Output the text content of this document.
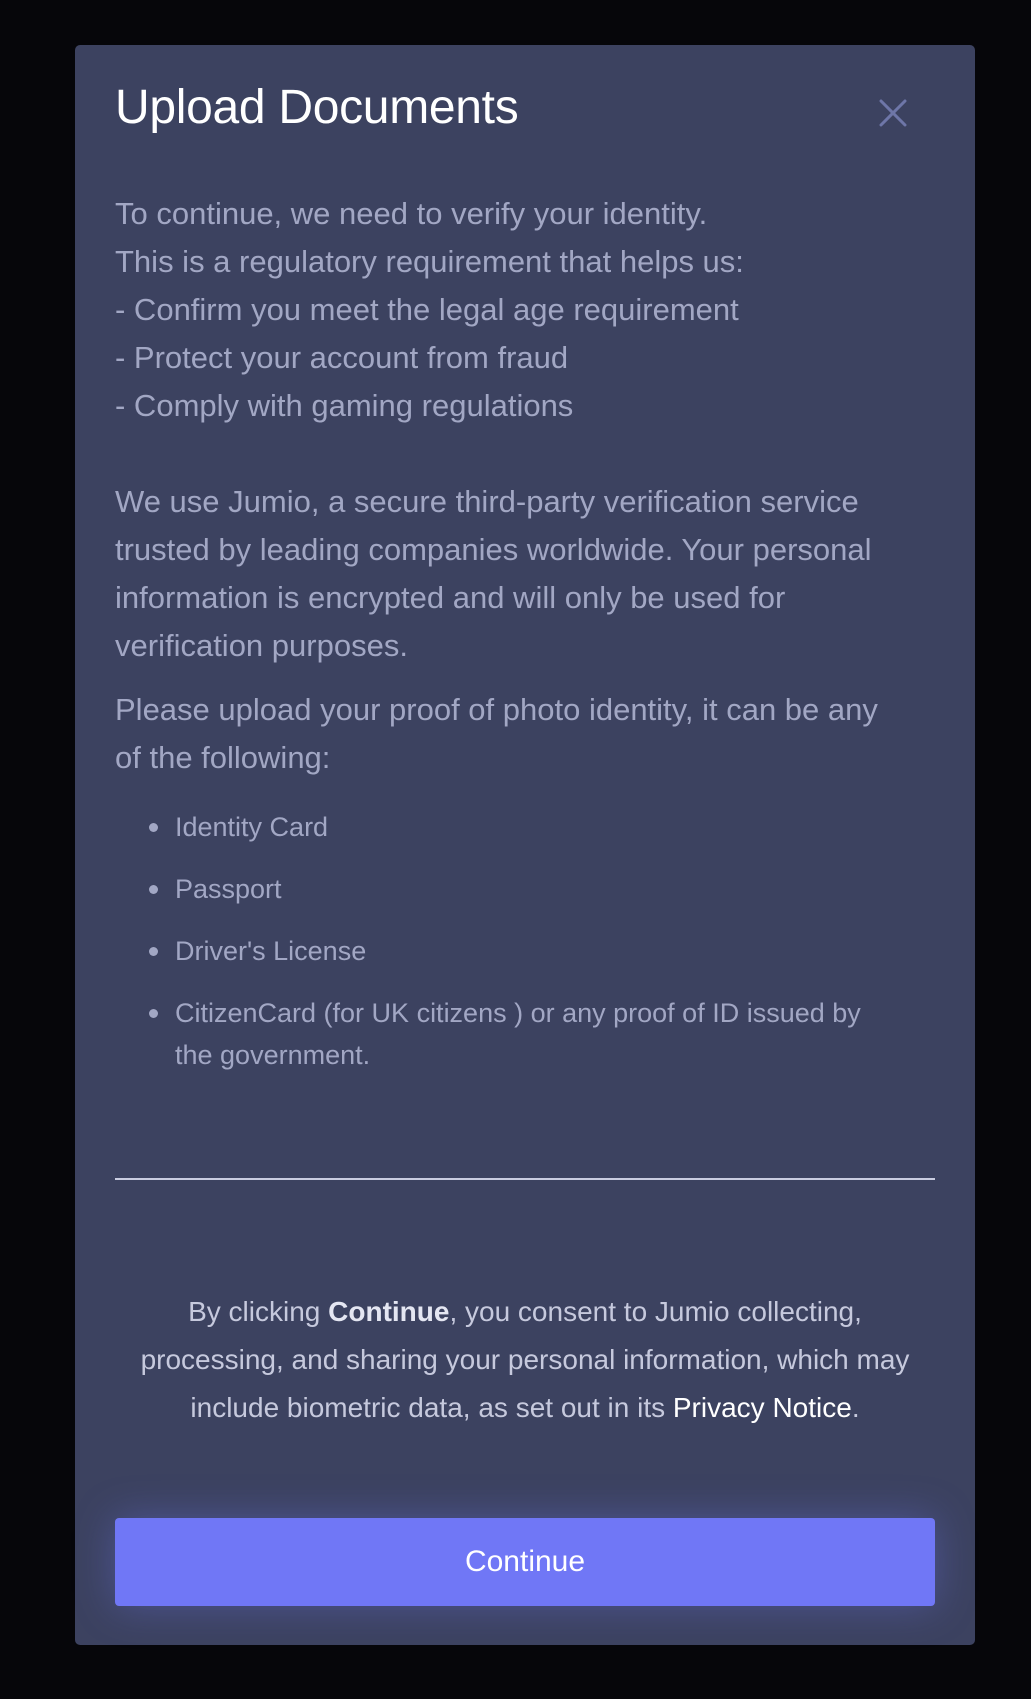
Upload Documents

To continue, we need to verify your identity.

This is a regulatory requirement that helps us:

- Confirm you meet the legal age requirement

- Protect your account from fraud

- Comply with gaming regulations

We use Jumio, a secure third-party verification service trusted by leading companies worldwide. Your personal information is encrypted and will only be used for verification purposes.

Please upload your proof of photo identity, it can be any of the following:

Identity Card
Passport
Driver's License
CitizenCard (for UK citizens ) or any proof of ID issued by the government.

By clicking Continue, you consent to Jumio collecting, processing, and sharing your personal information, which may include biometric data, as set out in its Privacy Notice.

Continue
